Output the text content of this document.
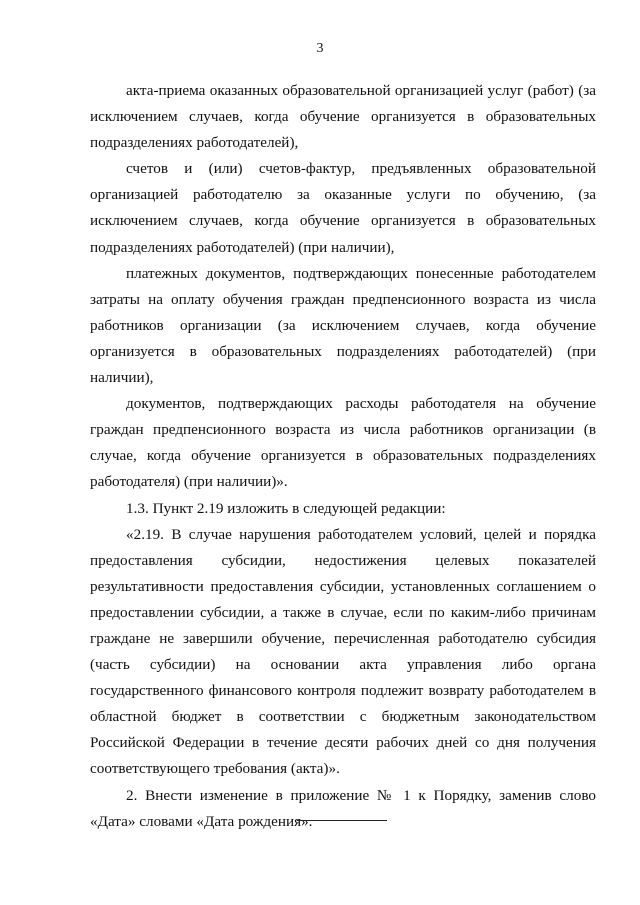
3

акта-приема оказанных образовательной организацией услуг (работ) (за исключением случаев, когда обучение организуется в образовательных подразделениях работодателей),

счетов и (или) счетов-фактур, предъявленных образовательной организацией работодателю за оказанные услуги по обучению, (за исключением случаев, когда обучение организуется в образовательных подразделениях работодателей) (при наличии),

платежных документов, подтверждающих понесенные работодателем затраты на оплату обучения граждан предпенсионного возраста из числа работников организации (за исключением случаев, когда обучение организуется в образовательных подразделениях работодателей) (при наличии),

документов, подтверждающих расходы работодателя на обучение граждан предпенсионного возраста из числа работников организации (в случае, когда обучение организуется в образовательных подразделениях работодателя) (при наличии)».

1.3. Пункт 2.19 изложить в следующей редакции:

«2.19. В случае нарушения работодателем условий, целей и порядка предоставления субсидии, недостижения целевых показателей результативности предоставления субсидии, установленных соглашением о предоставлении субсидии, а также в случае, если по каким-либо причинам граждане не завершили обучение, перечисленная работодателю субсидия (часть субсидии) на основании акта управления либо органа государственного финансового контроля подлежит возврату работодателем в областной бюджет в соответствии с бюджетным законодательством Российской Федерации в течение десяти рабочих дней со дня получения соответствующего требования (акта)».

2. Внести изменение в приложение № 1 к Порядку, заменив слово «Дата» словами «Дата рождения».
